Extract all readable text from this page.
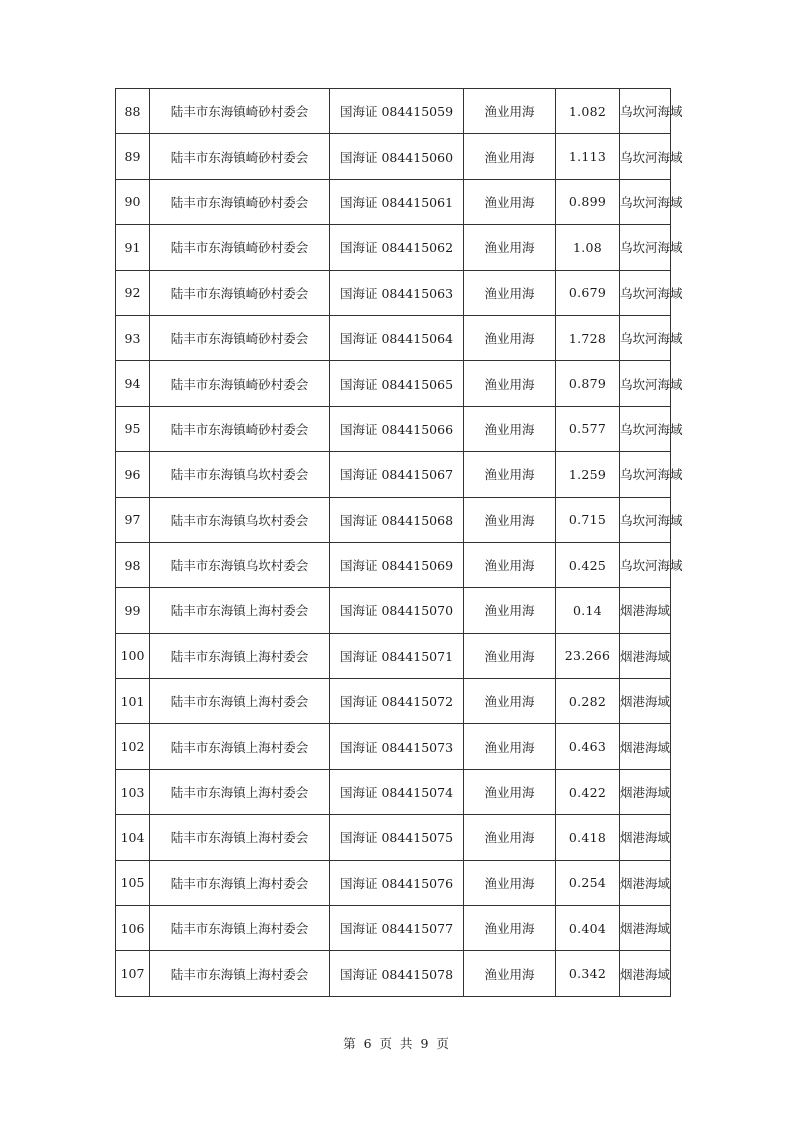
88	陆丰市东海镇崎砂村委会	国海证 084415059	渔业用海	1.082	乌坎河海域
89	陆丰市东海镇崎砂村委会	国海证 084415060	渔业用海	1.113	乌坎河海域
90	陆丰市东海镇崎砂村委会	国海证 084415061	渔业用海	0.899	乌坎河海域
91	陆丰市东海镇崎砂村委会	国海证 084415062	渔业用海	1.08	乌坎河海域
92	陆丰市东海镇崎砂村委会	国海证 084415063	渔业用海	0.679	乌坎河海域
93	陆丰市东海镇崎砂村委会	国海证 084415064	渔业用海	1.728	乌坎河海域
94	陆丰市东海镇崎砂村委会	国海证 084415065	渔业用海	0.879	乌坎河海域
95	陆丰市东海镇崎砂村委会	国海证 084415066	渔业用海	0.577	乌坎河海域
96	陆丰市东海镇乌坎村委会	国海证 084415067	渔业用海	1.259	乌坎河海域
97	陆丰市东海镇乌坎村委会	国海证 084415068	渔业用海	0.715	乌坎河海域
98	陆丰市东海镇乌坎村委会	国海证 084415069	渔业用海	0.425	乌坎河海域
99	陆丰市东海镇上海村委会	国海证 084415070	渔业用海	0.14	烟港海域
100	陆丰市东海镇上海村委会	国海证 084415071	渔业用海	23.266	烟港海域
101	陆丰市东海镇上海村委会	国海证 084415072	渔业用海	0.282	烟港海域
102	陆丰市东海镇上海村委会	国海证 084415073	渔业用海	0.463	烟港海域
103	陆丰市东海镇上海村委会	国海证 084415074	渔业用海	0.422	烟港海域
104	陆丰市东海镇上海村委会	国海证 084415075	渔业用海	0.418	烟港海域
105	陆丰市东海镇上海村委会	国海证 084415076	渔业用海	0.254	烟港海域
106	陆丰市东海镇上海村委会	国海证 084415077	渔业用海	0.404	烟港海域
107	陆丰市东海镇上海村委会	国海证 084415078	渔业用海	0.342	烟港海域
第 6 页 共 9 页
